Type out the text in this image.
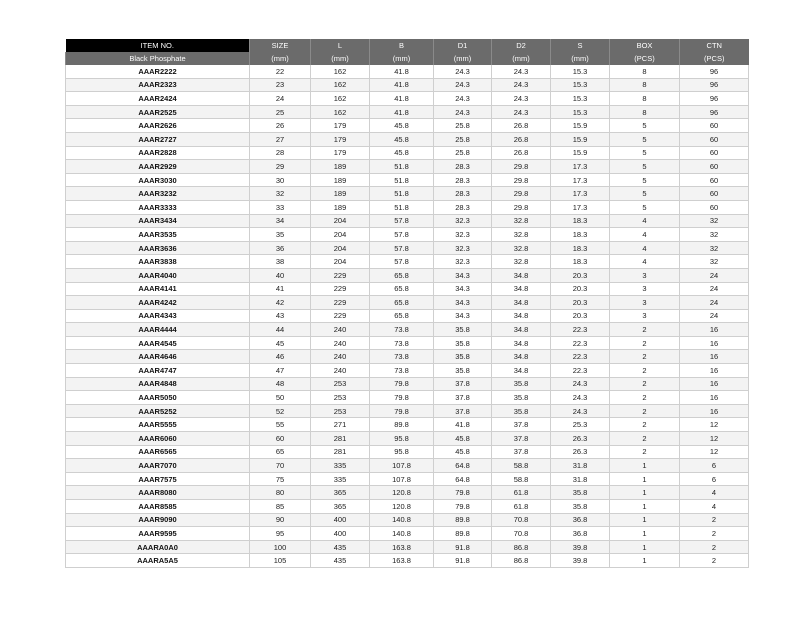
ITEM NO.	SIZE	L	B	D1	D2	S	BOX	CTN
Black Phosphate	(mm)	(mm)	(mm)	(mm)	(mm)	(mm)	(PCS)	(PCS)
AAAR2222	22	162	41.8	24.3	24.3	15.3	8	96
AAAR2323	23	162	41.8	24.3	24.3	15.3	8	96
AAAR2424	24	162	41.8	24.3	24.3	15.3	8	96
AAAR2525	25	162	41.8	24.3	24.3	15.3	8	96
AAAR2626	26	179	45.8	25.8	26.8	15.9	5	60
AAAR2727	27	179	45.8	25.8	26.8	15.9	5	60
AAAR2828	28	179	45.8	25.8	26.8	15.9	5	60
AAAR2929	29	189	51.8	28.3	29.8	17.3	5	60
AAAR3030	30	189	51.8	28.3	29.8	17.3	5	60
AAAR3232	32	189	51.8	28.3	29.8	17.3	5	60
AAAR3333	33	189	51.8	28.3	29.8	17.3	5	60
AAAR3434	34	204	57.8	32.3	32.8	18.3	4	32
AAAR3535	35	204	57.8	32.3	32.8	18.3	4	32
AAAR3636	36	204	57.8	32.3	32.8	18.3	4	32
AAAR3838	38	204	57.8	32.3	32.8	18.3	4	32
AAAR4040	40	229	65.8	34.3	34.8	20.3	3	24
AAAR4141	41	229	65.8	34.3	34.8	20.3	3	24
AAAR4242	42	229	65.8	34.3	34.8	20.3	3	24
AAAR4343	43	229	65.8	34.3	34.8	20.3	3	24
AAAR4444	44	240	73.8	35.8	34.8	22.3	2	16
AAAR4545	45	240	73.8	35.8	34.8	22.3	2	16
AAAR4646	46	240	73.8	35.8	34.8	22.3	2	16
AAAR4747	47	240	73.8	35.8	34.8	22.3	2	16
AAAR4848	48	253	79.8	37.8	35.8	24.3	2	16
AAAR5050	50	253	79.8	37.8	35.8	24.3	2	16
AAAR5252	52	253	79.8	37.8	35.8	24.3	2	16
AAAR5555	55	271	89.8	41.8	37.8	25.3	2	12
AAAR6060	60	281	95.8	45.8	37.8	26.3	2	12
AAAR6565	65	281	95.8	45.8	37.8	26.3	2	12
AAAR7070	70	335	107.8	64.8	58.8	31.8	1	6
AAAR7575	75	335	107.8	64.8	58.8	31.8	1	6
AAAR8080	80	365	120.8	79.8	61.8	35.8	1	4
AAAR8585	85	365	120.8	79.8	61.8	35.8	1	4
AAAR9090	90	400	140.8	89.8	70.8	36.8	1	2
AAAR9595	95	400	140.8	89.8	70.8	36.8	1	2
AAARA0A0	100	435	163.8	91.8	86.8	39.8	1	2
AAARA5A5	105	435	163.8	91.8	86.8	39.8	1	2
